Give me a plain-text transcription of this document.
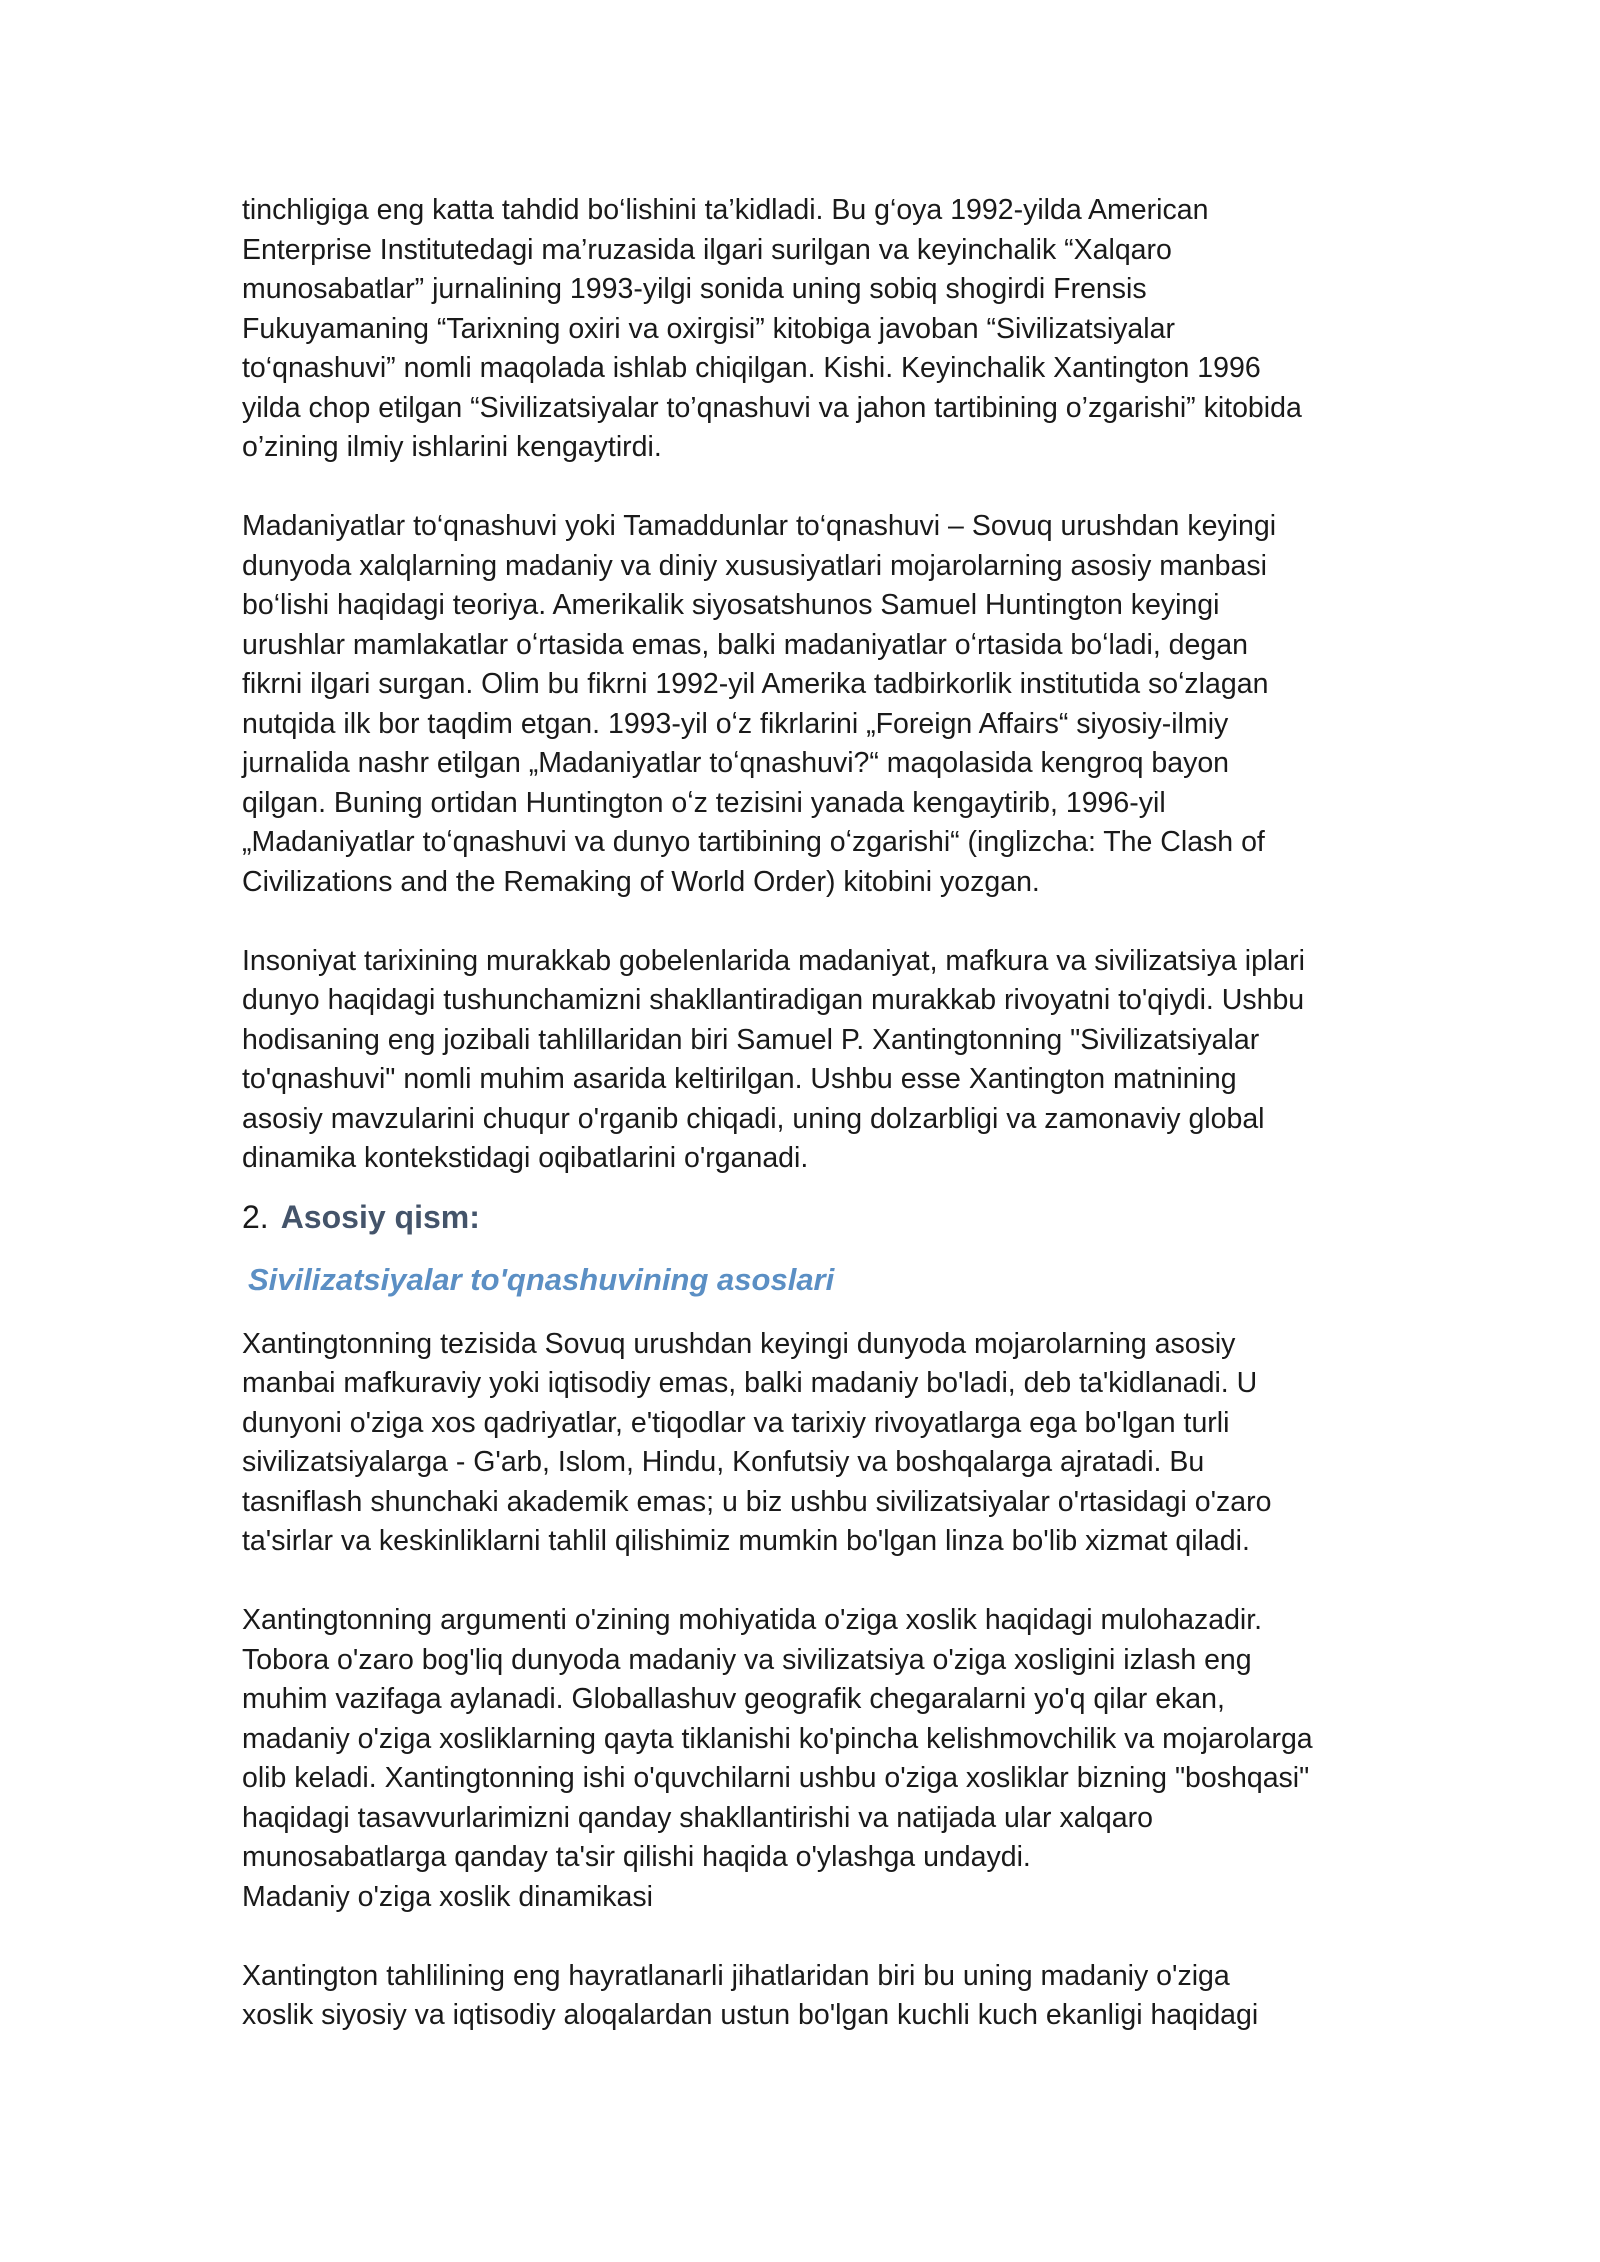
tinchligiga eng katta tahdid bo‘lishini ta’kidladi. Bu g‘oya 1992-yilda American
Enterprise Institutedagi ma’ruzasida ilgari surilgan va keyinchalik “Xalqaro
munosabatlar” jurnalining 1993-yilgi sonida uning sobiq shogirdi Frensis
Fukuyamaning “Tarixning oxiri va oxirgisi” kitobiga javoban “Sivilizatsiyalar
to‘qnashuvi” nomli maqolada ishlab chiqilgan. Kishi. Keyinchalik Xantington 1996
yilda chop etilgan “Sivilizatsiyalar to’qnashuvi va jahon tartibining o’zgarishi” kitobida
o’zining ilmiy ishlarini kengaytirdi.

Madaniyatlar to‘qnashuvi yoki Tamaddunlar to‘qnashuvi – Sovuq urushdan keyingi
dunyoda xalqlarning madaniy va diniy xususiyatlari mojarolarning asosiy manbasi
bo‘lishi haqidagi teoriya. Amerikalik siyosatshunos Samuel Huntington keyingi
urushlar mamlakatlar oʻrtasida emas, balki madaniyatlar oʻrtasida boʻladi, degan
fikrni ilgari surgan. Olim bu fikrni 1992-yil Amerika tadbirkorlik institutida soʻzlagan
nutqida ilk bor taqdim etgan. 1993-yil oʻz fikrlarini „Foreign Affairs“ siyosiy-ilmiy
jurnalida nashr etilgan „Madaniyatlar toʻqnashuvi?“ maqolasida kengroq bayon
qilgan. Buning ortidan Huntington oʻz tezisini yanada kengaytirib, 1996-yil
„Madaniyatlar toʻqnashuvi va dunyo tartibining oʻzgarishi“ (inglizcha: The Clash of
Civilizations and the Remaking of World Order) kitobini yozgan.

Insoniyat tarixining murakkab gobelenlarida madaniyat, mafkura va sivilizatsiya iplari
dunyo haqidagi tushunchamizni shakllantiradigan murakkab rivoyatni to'qiydi. Ushbu
hodisaning eng jozibali tahlillaridan biri Samuel P. Xantingtonning "Sivilizatsiyalar
to'qnashuvi" nomli muhim asarida keltirilgan. Ushbu esse Xantington matnining
asosiy mavzularini chuqur o'rganib chiqadi, uning dolzarbligi va zamonaviy global
dinamika kontekstidagi oqibatlarini o'rganadi.

2. Asosiy qism:
Sivilizatsiyalar to'qnashuvining asoslari

Xantingtonning tezisida Sovuq urushdan keyingi dunyoda mojarolarning asosiy
manbai mafkuraviy yoki iqtisodiy emas, balki madaniy bo'ladi, deb ta'kidlanadi. U
dunyoni o'ziga xos qadriyatlar, e'tiqodlar va tarixiy rivoyatlarga ega bo'lgan turli
sivilizatsiyalarga - G'arb, Islom, Hindu, Konfutsiy va boshqalarga ajratadi. Bu
tasniflash shunchaki akademik emas; u biz ushbu sivilizatsiyalar o'rtasidagi o'zaro
ta'sirlar va keskinliklarni tahlil qilishimiz mumkin bo'lgan linza bo'lib xizmat qiladi.

Xantingtonning argumenti o'zining mohiyatida o'ziga xoslik haqidagi mulohazadir.
Tobora o'zaro bog'liq dunyoda madaniy va sivilizatsiya o'ziga xosligini izlash eng
muhim vazifaga aylanadi. Globallashuv geografik chegaralarni yo'q qilar ekan,
madaniy o'ziga xosliklarning qayta tiklanishi ko'pincha kelishmovchilik va mojarolarga
olib keladi. Xantingtonning ishi o'quvchilarni ushbu o'ziga xosliklar bizning "boshqasi"
haqidagi tasavvurlarimizni qanday shakllantirishi va natijada ular xalqaro
munosabatlarga qanday ta'sir qilishi haqida o'ylashga undaydi.
Madaniy o'ziga xoslik dinamikasi

Xantington tahlilining eng hayratlanarli jihatlaridan biri bu uning madaniy o'ziga
xoslik siyosiy va iqtisodiy aloqalardan ustun bo'lgan kuchli kuch ekanligi haqidagi
